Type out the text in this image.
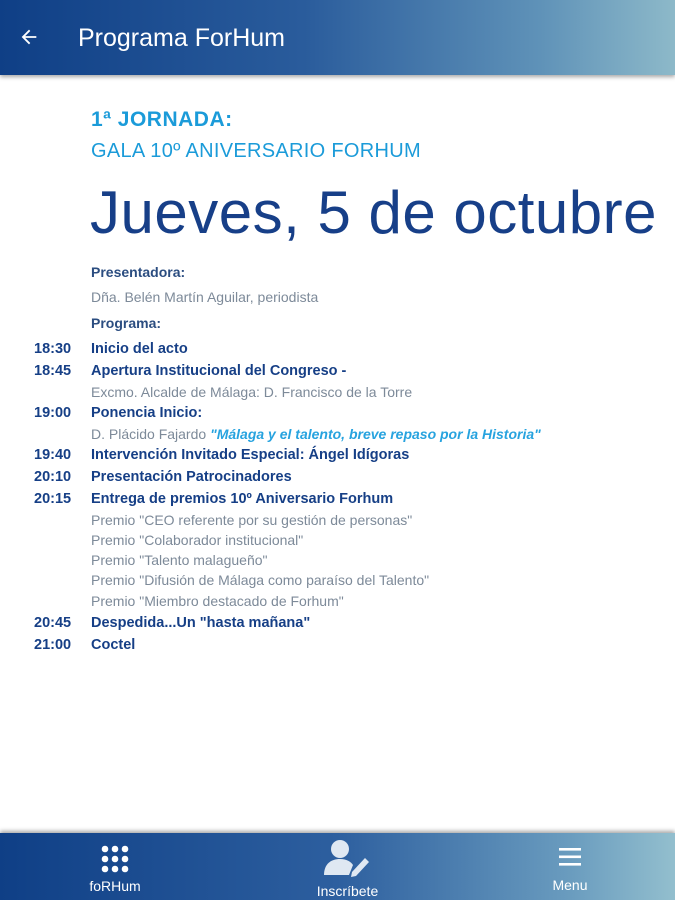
Programa ForHum
1ª JORNADA:
GALA 10º ANIVERSARIO FORHUM
Jueves, 5 de octubre
Presentadora:
Dña. Belén Martín Aguilar, periodista
Programa:
18:30 Inicio del acto
18:45 Apertura Institucional del Congreso -
Excmo. Alcalde de Málaga: D. Francisco de la Torre
19:00 Ponencia Inicio:
D. Plácido Fajardo "Málaga y el talento, breve repaso por la Historia"
19:40 Intervención Invitado Especial: Ángel Idígoras
20:10 Presentación Patrocinadores
20:15 Entrega de premios 10º Aniversario Forhum
Premio "CEO referente por su gestión de personas"
Premio "Colaborador institucional"
Premio "Talento malagueño"
Premio "Difusión de Málaga como paraíso del Talento"
Premio "Miembro destacado de Forhum"
20:45 Despedida...Un "hasta mañana"
21:00 Coctel
foRHum	Inscríbete	Menu
